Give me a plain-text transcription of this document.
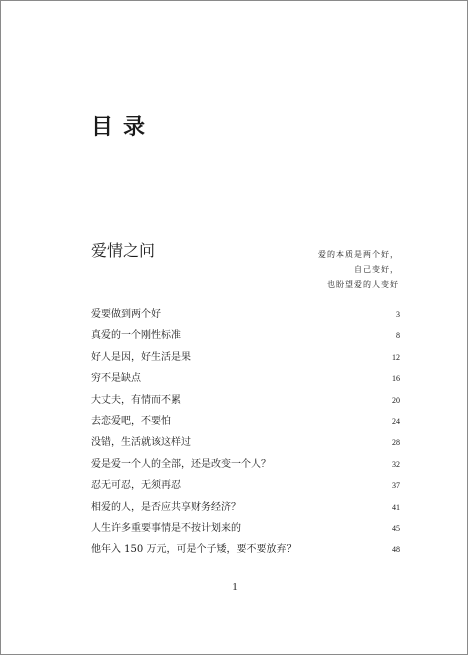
目录
爱情之问	爱的本质是两个好，
自己变好，
也盼望爱的人变好
爱要做到两个好	3
真爱的一个刚性标准	8
好人是因，好生活是果	12
穷不是缺点	16
大丈夫，有情而不累	20
去恋爱吧，不要怕	24
没错，生活就该这样过	28
爱是爱一个人的全部，还是改变一个人？	32
忍无可忍，无须再忍	37
相爱的人，是否应共享财务经济？	41
人生许多重要事情是不按计划来的	45
他年入 150 万元，可是个子矮，要不要放弃？	48
1
